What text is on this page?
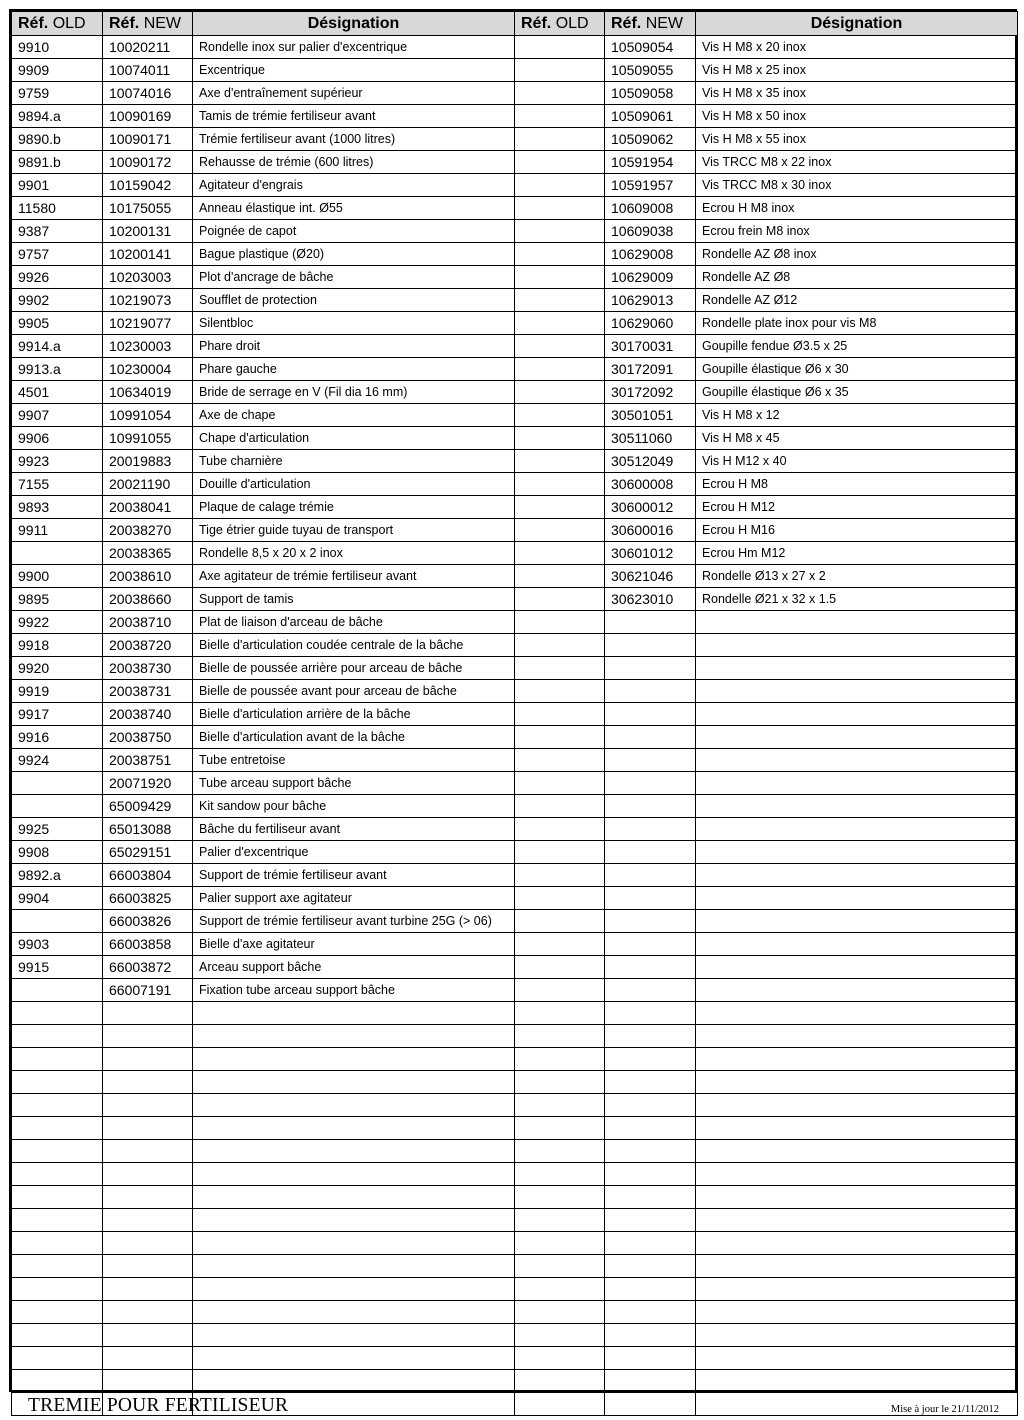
Réf. OLD	Réf. NEW	Désignation	Réf. OLD	Réf. NEW	Désignation
9910	10020211	Rondelle inox sur palier d'excentrique		10509054	Vis H M8 x 20 inox
9909	10074011	Excentrique		10509055	Vis H M8 x 25 inox
9759	10074016	Axe d'entraînement supérieur		10509058	Vis H M8 x 35 inox
9894.a	10090169	Tamis de trémie fertiliseur avant		10509061	Vis H M8 x 50 inox
9890.b	10090171	Trémie fertiliseur avant (1000 litres)		10509062	Vis H M8 x 55 inox
9891.b	10090172	Rehausse de trémie (600 litres)		10591954	Vis TRCC M8 x 22 inox
9901	10159042	Agitateur d'engrais		10591957	Vis TRCC M8 x 30 inox
11580	10175055	Anneau élastique int. Ø55		10609008	Ecrou H M8 inox
9387	10200131	Poignée de capot		10609038	Ecrou frein M8 inox
9757	10200141	Bague plastique (Ø20)		10629008	Rondelle AZ Ø8 inox
9926	10203003	Plot d'ancrage de bâche		10629009	Rondelle AZ Ø8
9902	10219073	Soufflet de protection		10629013	Rondelle AZ Ø12
9905	10219077	Silentbloc		10629060	Rondelle plate inox pour vis M8
9914.a	10230003	Phare droit		30170031	Goupille fendue Ø3.5 x 25
9913.a	10230004	Phare gauche		30172091	Goupille élastique Ø6 x 30
4501	10634019	Bride de serrage en V (Fil dia 16 mm)		30172092	Goupille élastique Ø6 x 35
9907	10991054	Axe de chape		30501051	Vis H M8 x 12
9906	10991055	Chape d'articulation		30511060	Vis H M8 x 45
9923	20019883	Tube charnière		30512049	Vis H M12 x 40
7155	20021190	Douille d'articulation		30600008	Ecrou H M8
9893	20038041	Plaque de calage trémie		30600012	Ecrou H M12
9911	20038270	Tige étrier guide tuyau de transport		30600016	Ecrou H M16
	20038365	Rondelle 8,5 x 20 x 2 inox		30601012	Ecrou Hm M12
9900	20038610	Axe agitateur de trémie fertiliseur avant		30621046	Rondelle Ø13 x 27 x 2
9895	20038660	Support de tamis		30623010	Rondelle Ø21 x 32 x 1.5
9922	20038710	Plat de liaison d'arceau de bâche			
9918	20038720	Bielle d'articulation coudée centrale de la bâche			
9920	20038730	Bielle de poussée arrière pour arceau de bâche			
9919	20038731	Bielle de poussée avant pour arceau de bâche			
9917	20038740	Bielle d'articulation arrière de la bâche			
9916	20038750	Bielle d'articulation avant de la bâche			
9924	20038751	Tube entretoise			
	20071920	Tube arceau support bâche			
	65009429	Kit sandow pour bâche			
9925	65013088	Bâche du fertiliseur avant			
9908	65029151	Palier d'excentrique			
9892.a	66003804	Support de trémie fertiliseur avant			
9904	66003825	Palier support axe agitateur			
	66003826	Support de trémie fertiliseur avant turbine 25G (> 06)			
9903	66003858	Bielle d'axe agitateur			
9915	66003872	Arceau support bâche			
	66007191	Fixation tube arceau support bâche			

TREMIE POUR FERTILISEUR	Mise à jour le 21/11/2012
